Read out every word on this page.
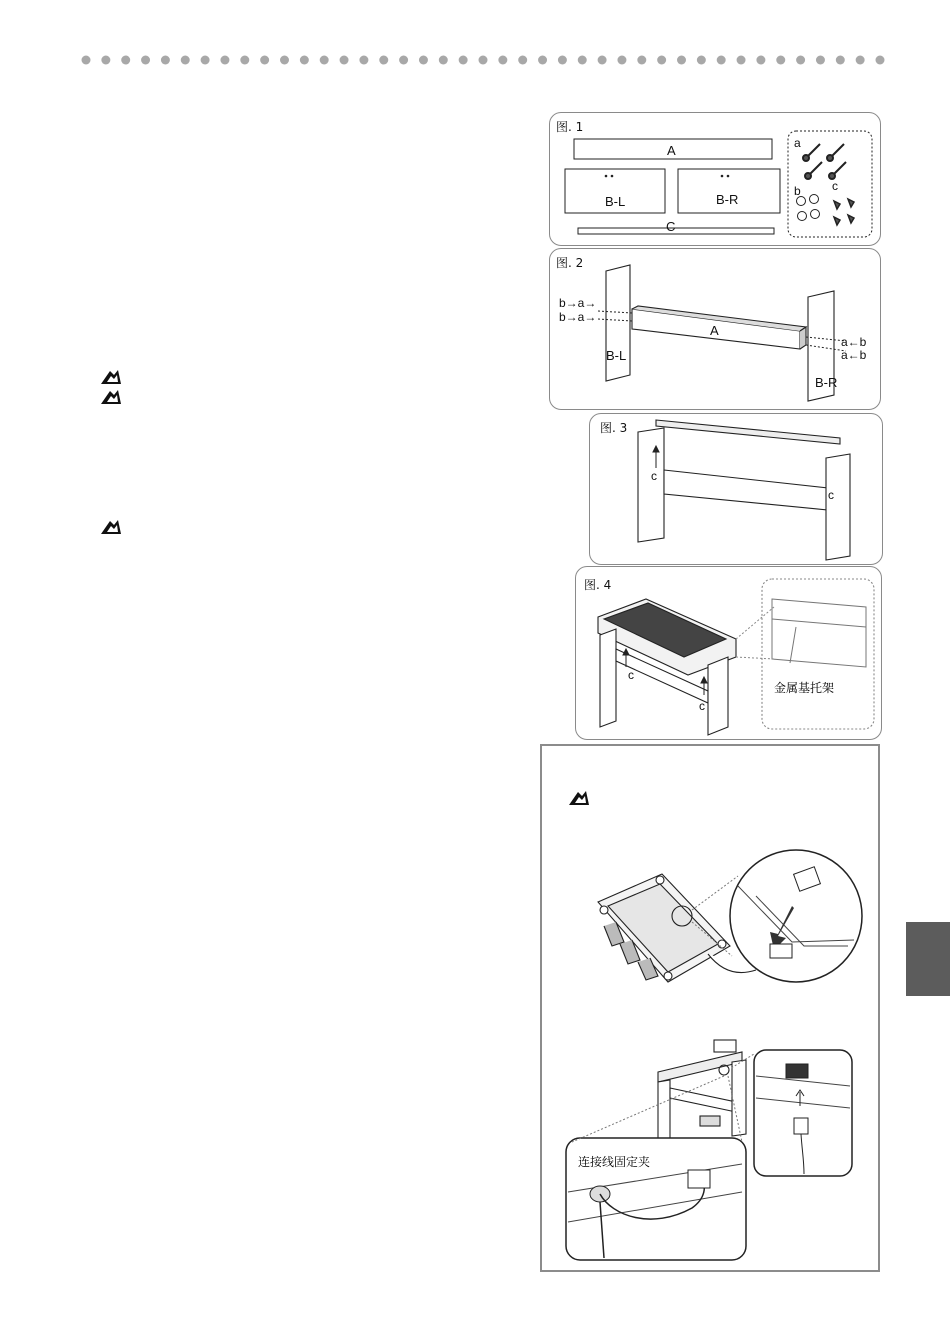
图. 1
A
B-L	B-R
C
a
b	c
图. 2
A
B-L
B-R
b→a→
b→a→
a←b
a←b
图. 3
c
c
图. 4
c
c
金属基托架
连接线固定夹
